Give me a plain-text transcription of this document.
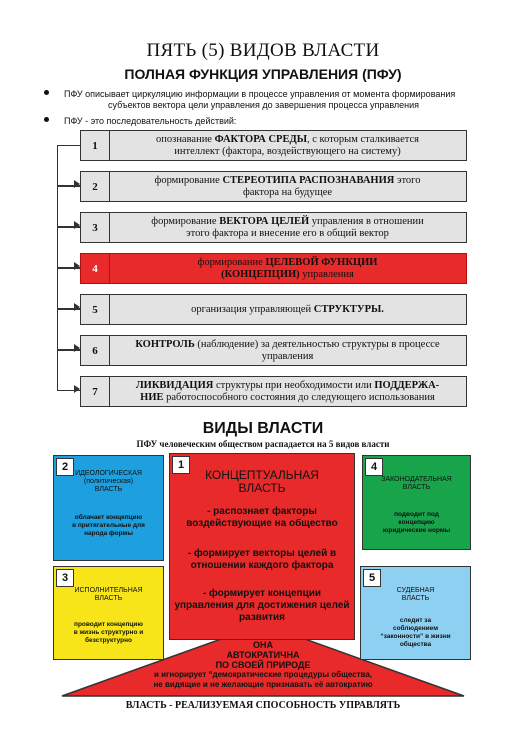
ПЯТЬ (5) ВИДОВ ВЛАСТИ
ПОЛНАЯ ФУНКЦИЯ УПРАВЛЕНИЯ (ПФУ)
ПФУ описывает циркуляцию информации в процессе управления от момента формирования
субъектов вектора цели управления до завершения процесса управления
ПФУ - это последовательность действий:
1
опознавание ФАКТОРА СРЕДЫ, с которым сталкивается
интеллект (фактора, воздействующего на систему)
2
формирование СТЕРЕОТИПА РАСПОЗНАВАНИЯ этого
фактора на будущее
3
формирование ВЕКТОРА ЦЕЛЕЙ управления в отношении
этого фактора и внесение его в общий вектор
4
формирование ЦЕЛЕВОЙ ФУНКЦИИ
(КОНЦЕПЦИИ) управления
5	организация управляющей СТРУКТУРЫ.
6
КОНТРОЛЬ (наблюдение) за деятельностью структуры в процессе
управления
7
ЛИКВИДАЦИЯ структуры при необходимости или ПОДДЕРЖА-
НИЕ работоспособного состояния до следующего использования
ВИДЫ ВЛАСТИ
ПФУ человеческим обществом распадается на 5 видов власти
ОНА
АВТОКРАТИЧНА
ПО СВОЕЙ ПРИРОДЕ
и игнорирует “демократические процедуры общества,
не видящие и не желающие признавать её автократию
2
ИДЕОЛОГИЧЕСКАЯ
(политическая)
ВЛАСТЬ
облачает концепцию
в притягательные для
народа формы
4
ЗАКОНОДАТЕЛЬНАЯ
ВЛАСТЬ
подводит под
концепцию
юридические нормы
3
ИСПОЛНИТЕЛЬНАЯ
ВЛАСТЬ
проводит концепцию
в жизнь структурно и
безструктурно
5
СУДЕБНАЯ
ВЛАСТЬ
следит за
соблюдением
“законности” в жизни
общества
1
КОНЦЕПТУАЛЬНАЯ
ВЛАСТЬ
- распознает факторы
воздействующие на общество
- формирует векторы целей в
отношении каждого фактора
- формирует концепции
управления для достижения целей
развития
ВЛАСТЬ - РЕАЛИЗУЕМАЯ СПОСОБНОСТЬ УПРАВЛЯТЬ
